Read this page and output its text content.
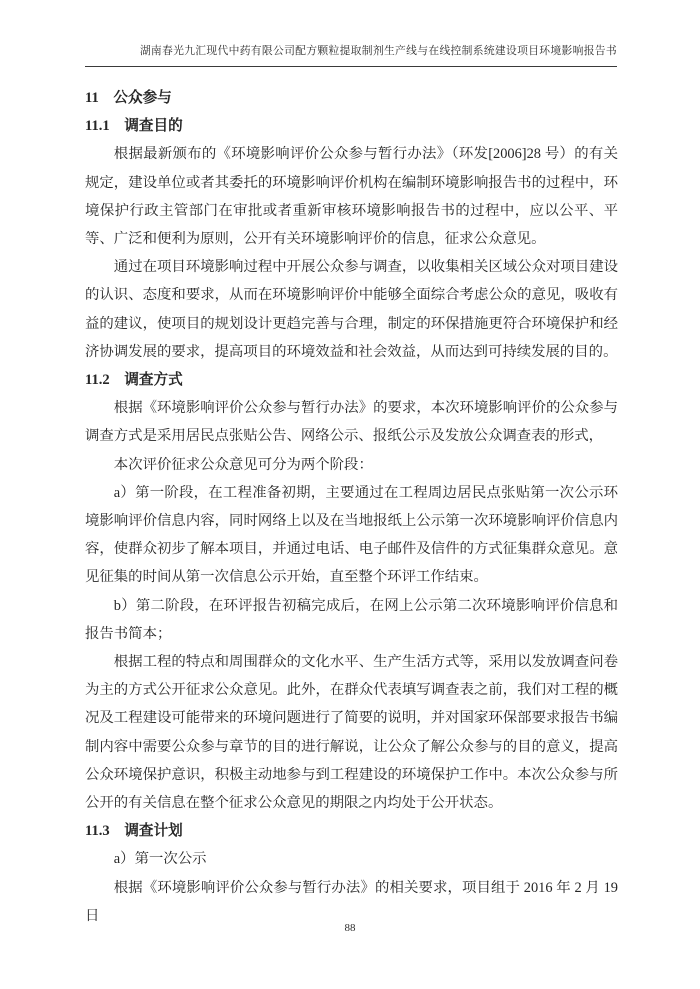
湖南春光九汇现代中药有限公司配方颗粒提取制剂生产线与在线控制系统建设项目环境影响报告书
11　公众参与
11.1　调查目的

根据最新颁布的《环境影响评价公众参与暂行办法》（环发[2006]28 号）的有关规定，建设单位或者其委托的环境影响评价机构在编制环境影响报告书的过程中，环境保护行政主管部门在审批或者重新审核环境影响报告书的过程中，应以公平、平等、广泛和便利为原则，公开有关环境影响评价的信息，征求公众意见。

通过在项目环境影响过程中开展公众参与调查，以收集相关区域公众对项目建设的认识、态度和要求，从而在环境影响评价中能够全面综合考虑公众的意见，吸收有益的建议，使项目的规划设计更趋完善与合理，制定的环保措施更符合环境保护和经济协调发展的要求，提高项目的环境效益和社会效益，从而达到可持续发展的目的。

11.2　调查方式

根据《环境影响评价公众参与暂行办法》的要求，本次环境影响评价的公众参与调查方式是采用居民点张贴公告、网络公示、报纸公示及发放公众调查表的形式，

本次评价征求公众意见可分为两个阶段：

a）第一阶段，在工程准备初期，主要通过在工程周边居民点张贴第一次公示环境影响评价信息内容，同时网络上以及在当地报纸上公示第一次环境影响评价信息内容，使群众初步了解本项目，并通过电话、电子邮件及信件的方式征集群众意见。意见征集的时间从第一次信息公示开始，直至整个环评工作结束。

b）第二阶段，在环评报告初稿完成后，在网上公示第二次环境影响评价信息和报告书简本；

根据工程的特点和周围群众的文化水平、生产生活方式等，采用以发放调查问卷为主的方式公开征求公众意见。此外，在群众代表填写调查表之前，我们对工程的概况及工程建设可能带来的环境问题进行了简要的说明，并对国家环保部要求报告书编制内容中需要公众参与章节的目的进行解说，让公众了解公众参与的目的意义，提高公众环境保护意识，积极主动地参与到工程建设的环境保护工作中。本次公众参与所公开的有关信息在整个征求公众意见的期限之内均处于公开状态。

11.3　调查计划

a）第一次公示

根据《环境影响评价公众参与暂行办法》的相关要求，项目组于 2016 年 2 月 19 日

88
